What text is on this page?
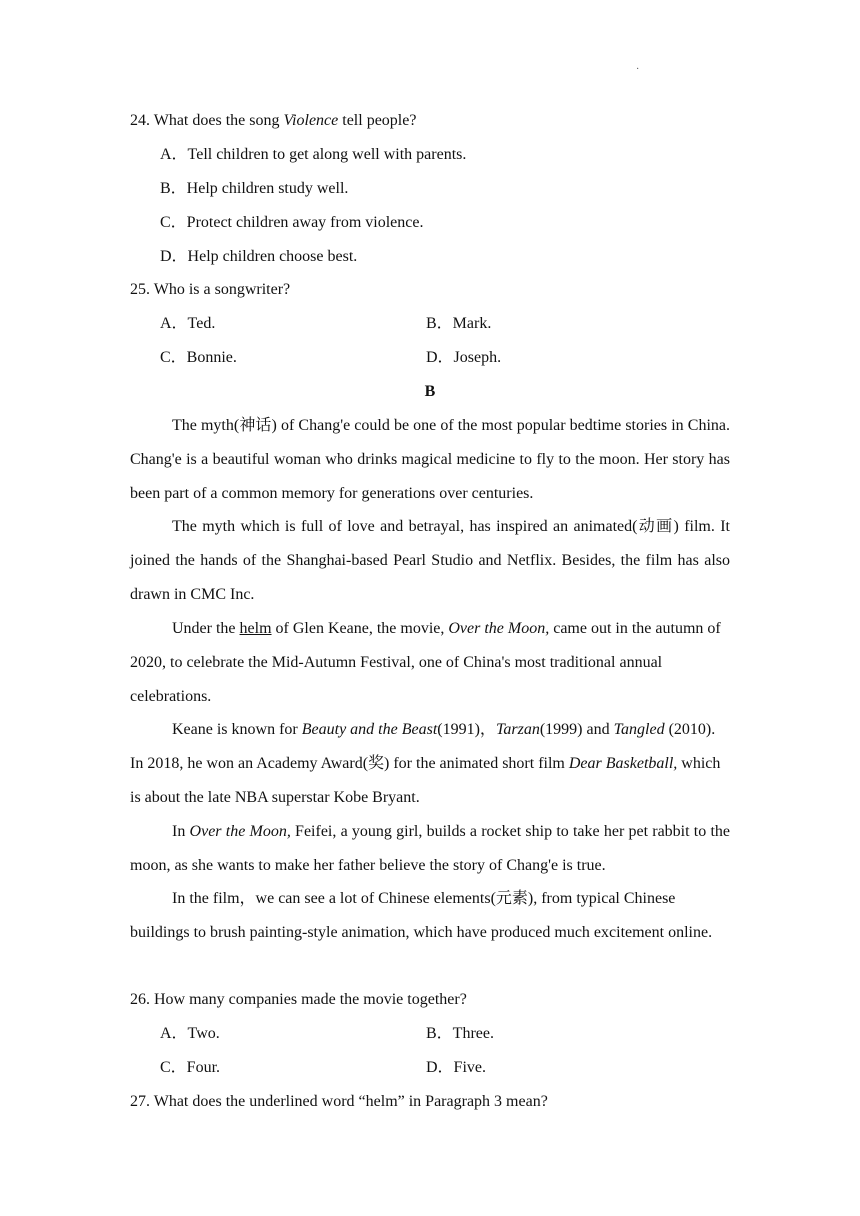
·
24. What does the song Violence tell people?
A．Tell children to get along well with parents.
B．Help children study well.
C．Protect children away from violence.
D．Help children choose best.
25. Who is a songwriter?
A．Ted.	B．Mark.
C．Bonnie.	D．Joseph.
B
The myth(神话) of Chang'e could be one of the most popular bedtime stories in China. Chang'e is a beautiful woman who drinks magical medicine to fly to the moon. Her story has been part of a common memory for generations over centuries.
The myth which is full of love and betrayal, has inspired an animated(动画) film. It joined the hands of the Shanghai-based Pearl Studio and Netflix. Besides, the film has also drawn in CMC Inc.
Under the helm of Glen Keane, the movie, Over the Moon, came out in the autumn of 2020, to celebrate the Mid-Autumn Festival, one of China's most traditional annual celebrations.
Keane is known for Beauty and the Beast(1991)，Tarzan(1999) and Tangled (2010). In 2018, he won an Academy Award(奖) for the animated short film Dear Basketball, which is about the late NBA superstar Kobe Bryant.
In Over the Moon, Feifei, a young girl, builds a rocket ship to take her pet rabbit to the moon, as she wants to make her father believe the story of Chang'e is true.
In the film，we can see a lot of Chinese elements(元素), from typical Chinese buildings to brush painting-style animation, which have produced much excitement online.
26. How many companies made the movie together?
A．Two.	B．Three.
C．Four.	D．Five.
27. What does the underlined word “helm” in Paragraph 3 mean?
